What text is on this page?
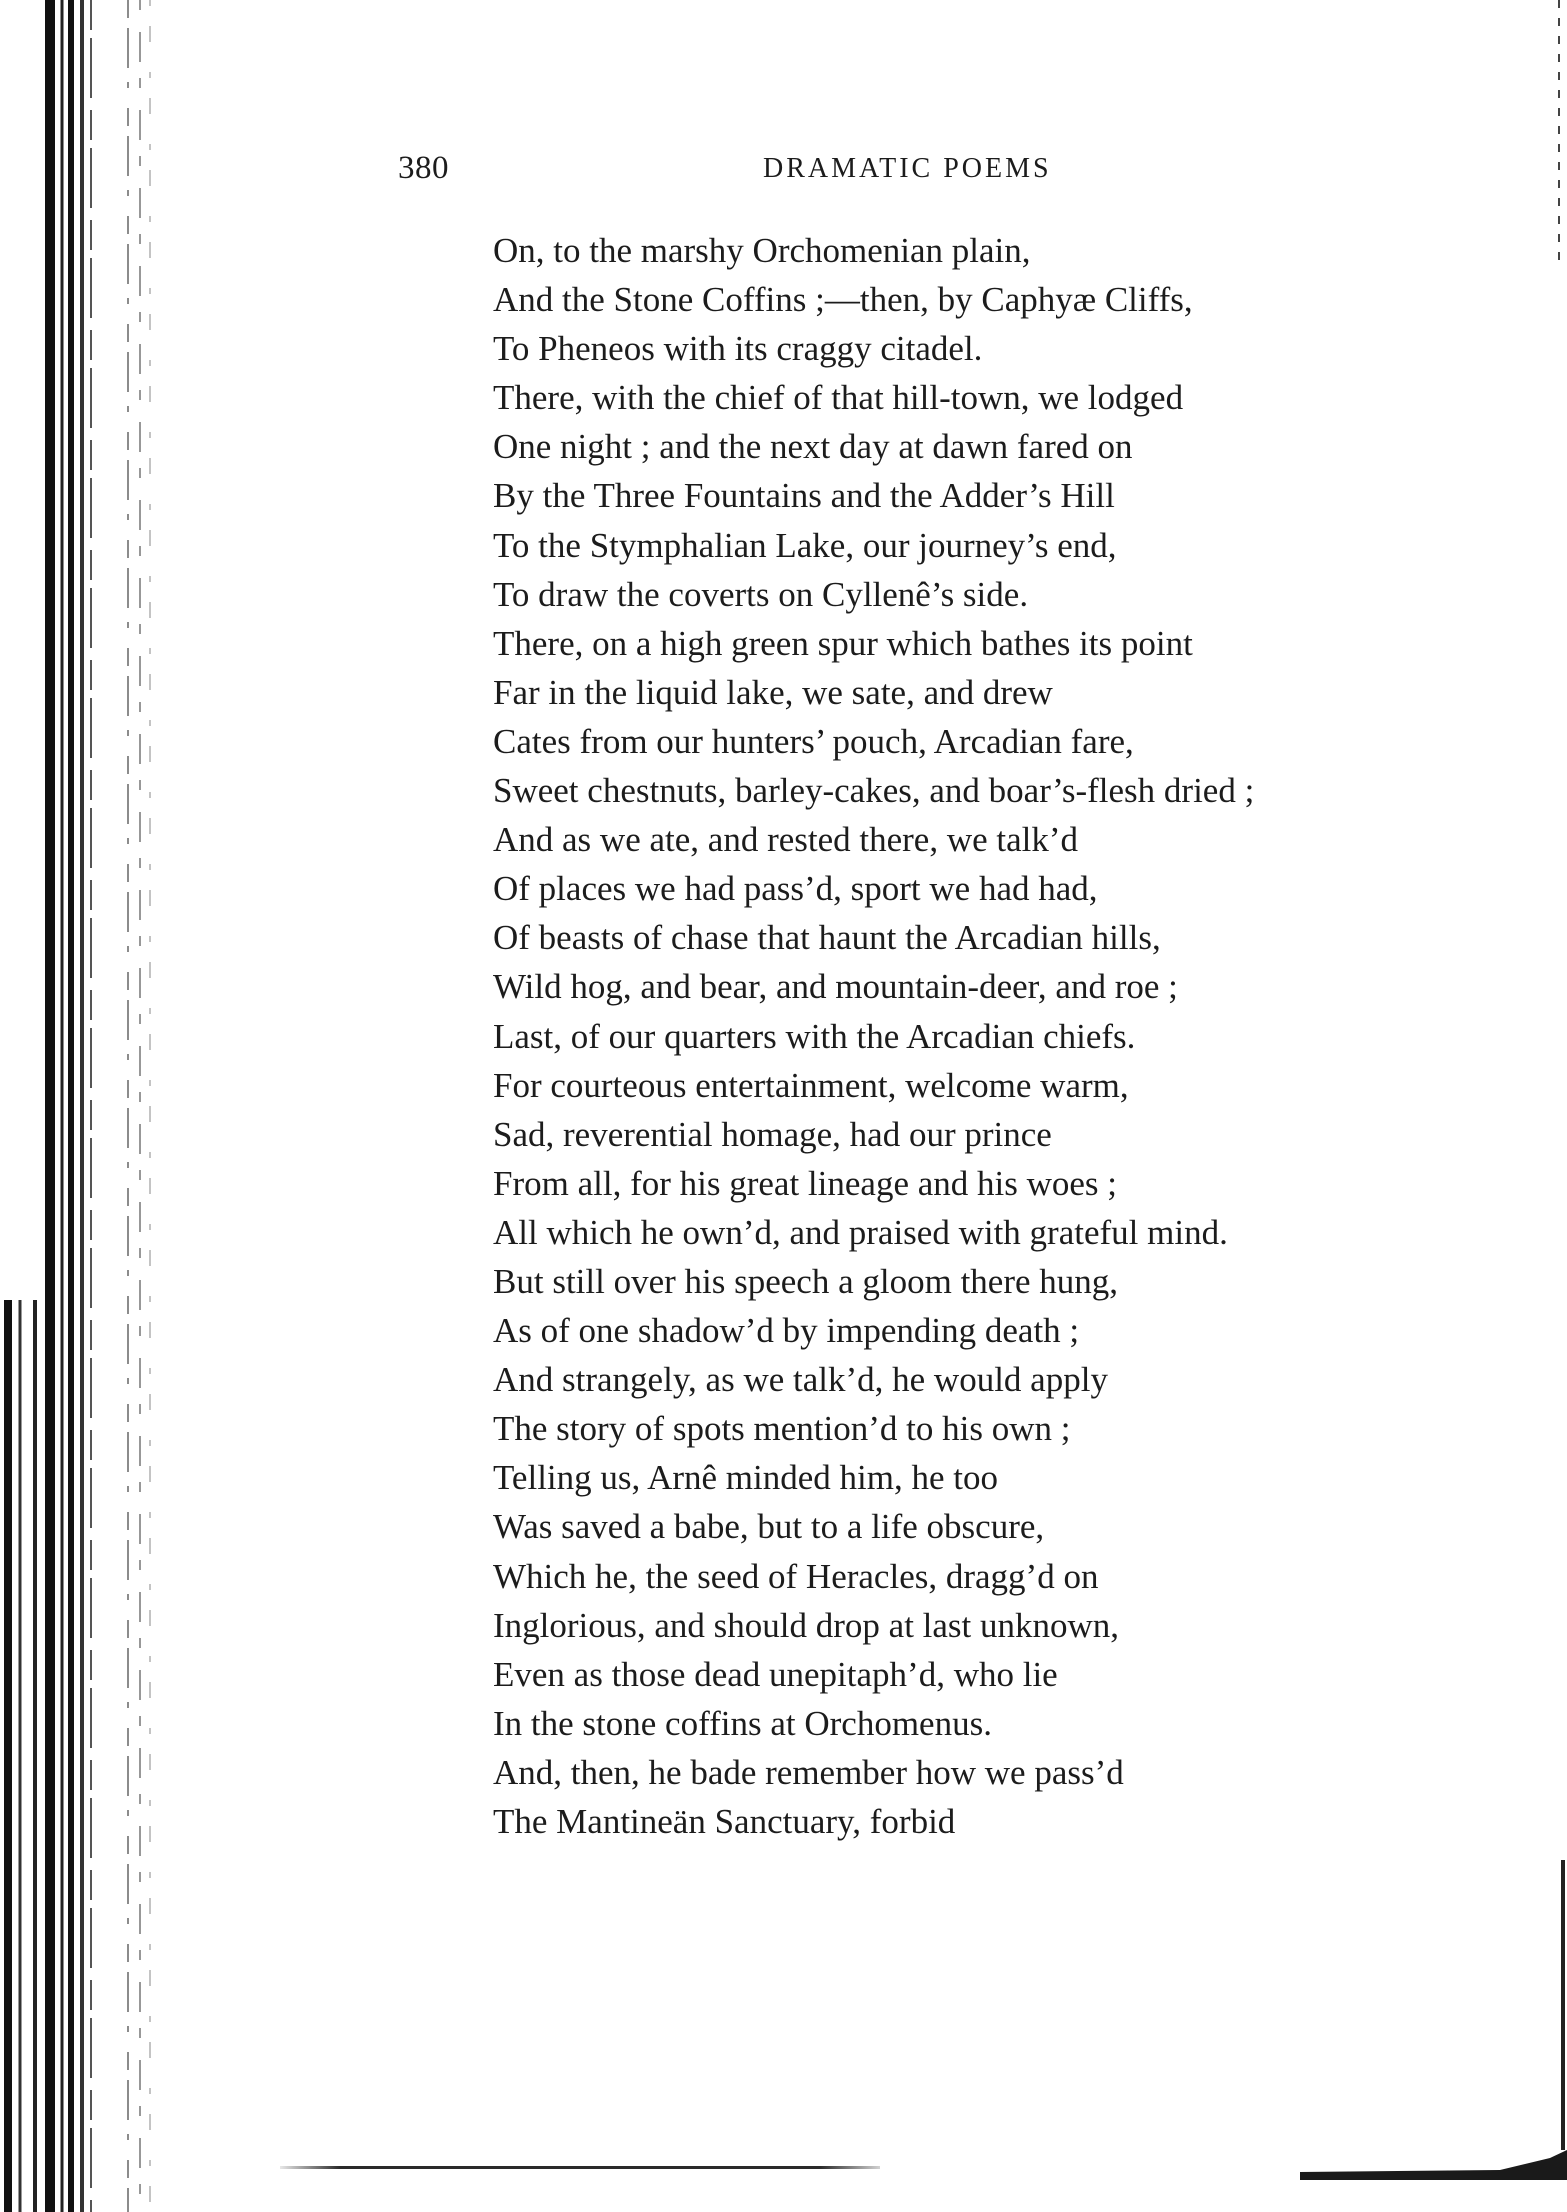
380	DRAMATIC POEMS
On, to the marshy Orchomenian plain,
And the Stone Coffins ;—then, by Caphyæ Cliffs,
To Pheneos with its craggy citadel.
There, with the chief of that hill-town, we lodged
One night ; and the next day at dawn fared on
By the Three Fountains and the Adder’s Hill
To the Stymphalian Lake, our journey’s end,
To draw the coverts on Cyllenê’s side.
There, on a high green spur which bathes its point
Far in the liquid lake, we sate, and drew
Cates from our hunters’ pouch, Arcadian fare,
Sweet chestnuts, barley-cakes, and boar’s-flesh dried ;
And as we ate, and rested there, we talk’d
Of places we had pass’d, sport we had had,
Of beasts of chase that haunt the Arcadian hills,
Wild hog, and bear, and mountain-deer, and roe ;
Last, of our quarters with the Arcadian chiefs.
For courteous entertainment, welcome warm,
Sad, reverential homage, had our prince
From all, for his great lineage and his woes ;
All which he own’d, and praised with grateful mind.
But still over his speech a gloom there hung,
As of one shadow’d by impending death ;
And strangely, as we talk’d, he would apply
The story of spots mention’d to his own ;
Telling us, Arnê minded him, he too
Was saved a babe, but to a life obscure,
Which he, the seed of Heracles, dragg’d on
Inglorious, and should drop at last unknown,
Even as those dead unepitaph’d, who lie
In the stone coffins at Orchomenus.
And, then, he bade remember how we pass’d
The Mantineän Sanctuary, forbid
